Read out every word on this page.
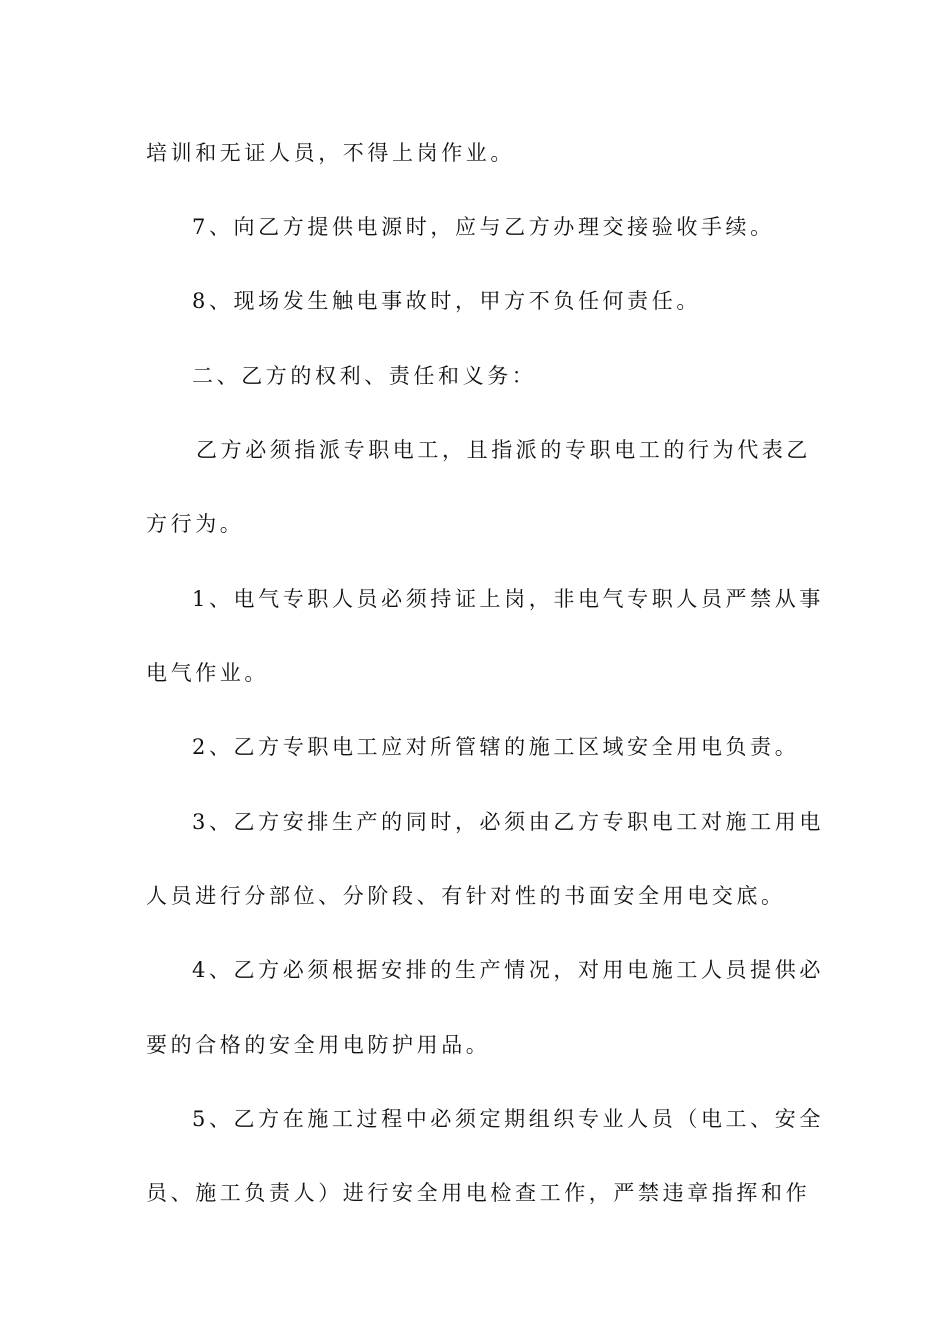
培训和无证人员，不得上岗作业。
7、向乙方提供电源时，应与乙方办理交接验收手续。
8、现场发生触电事故时，甲方不负任何责任。
二、乙方的权利、责任和义务：
乙方必须指派专职电工，且指派的专职电工的行为代表乙
方行为。
1、电气专职人员必须持证上岗，非电气专职人员严禁从事
电气作业。
2、乙方专职电工应对所管辖的施工区域安全用电负责。
3、乙方安排生产的同时，必须由乙方专职电工对施工用电
人员进行分部位、分阶段、有针对性的书面安全用电交底。
4、乙方必须根据安排的生产情况，对用电施工人员提供必
要的合格的安全用电防护用品。
5、乙方在施工过程中必须定期组织专业人员（电工、安全
员、施工负责人）进行安全用电检查工作，严禁违章指挥和作
